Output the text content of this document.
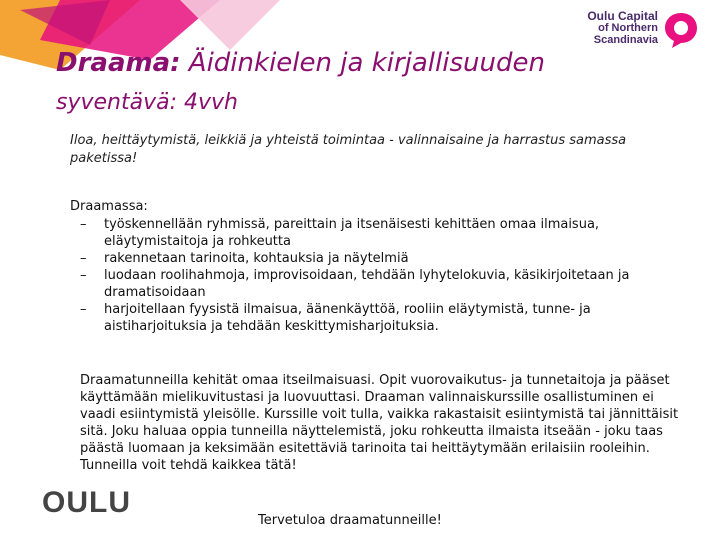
Oulu Capital
of Northern
Scandinavia
Draama: Äidinkielen ja kirjallisuuden
syventävä: 4vvh
Iloa, heittäytymistä, leikkiä ja yhteistä toimintaa - valinnaisaine ja harrastus samassa paketissa!
Draamassa:
– työskennellään ryhmissä, pareittain ja itsenäisesti kehittäen omaa ilmaisua, eläytymistaitoja ja rohkeutta
– rakennetaan tarinoita, kohtauksia ja näytelmiä
– luodaan roolihahmoja, improvisoidaan, tehdään lyhytelokuvia, käsikirjoitetaan ja dramatisoidaan
– harjoitellaan fyysistä ilmaisua, äänenkäyttöä, rooliin eläytymistä, tunne- ja aistiharjoituksia ja tehdään keskittymisharjoituksia.
Draamatunneilla kehität omaa itseilmaisuasi. Opit vuorovaikutus- ja tunnetaitoja ja pääset käyttämään mielikuvitustasi ja luovuuttasi. Draaman valinnaiskurssille osallistuminen ei vaadi esiintymistä yleisölle. Kurssille voit tulla, vaikka rakastaisit esiintymistä tai jännittäisit sitä. Joku haluaa oppia tunneilla näyttelemistä, joku rohkeutta ilmaista itseään - joku taas päästä luomaan ja keksimään esitettäviä tarinoita tai heittäytymään erilaisiin rooleihin. Tunneilla voit tehdä kaikkea tätä!
OULU
Tervetuloa draamatunneille!
